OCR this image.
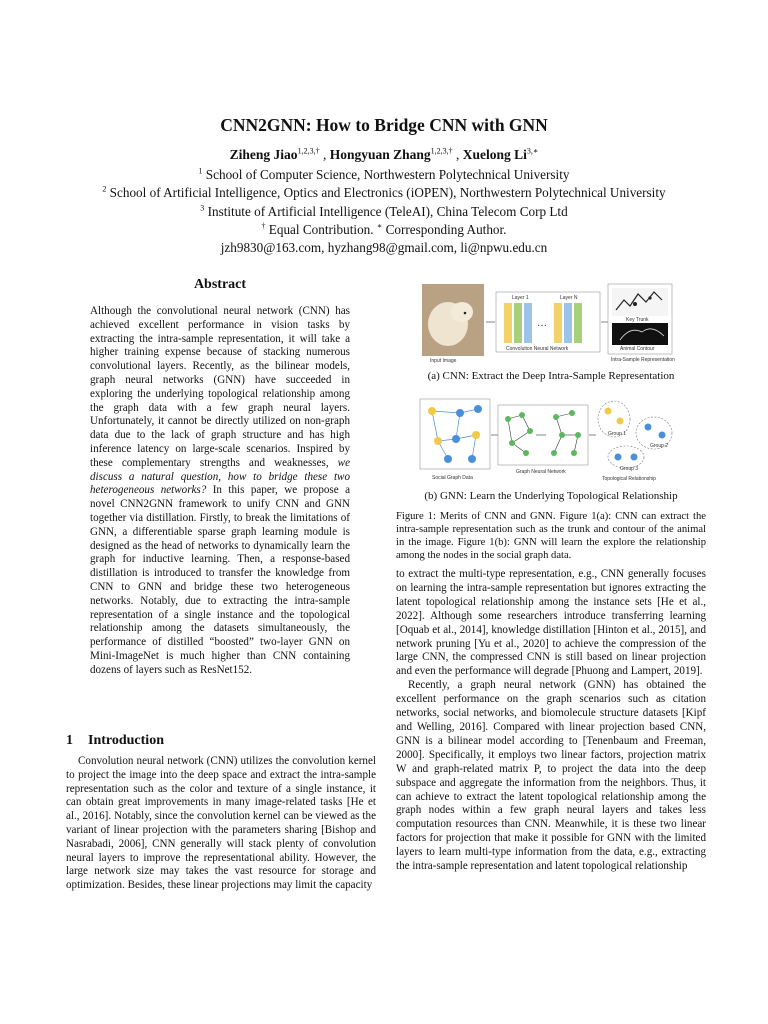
CNN2GNN: How to Bridge CNN with GNN
Ziheng Jiao$^{1,2,3,\dagger}$ , Hongyuan Zhang$^{1,2,3,\dagger}$ , Xuelong $Li^{3,∗}$
$^1$ School of Computer Science, Northwestern Polytechnical University
$^2$ School of Artificial Intelligence, Optics and Electronics (iOPEN), Northwestern Polytechnical University
$^3$ Institute of Artificial Intelligence (TeleAI), China Telecom Corp Ltd
† Equal Contribution. ∗ Corresponding Author.
jzh9830@163.com, hyzhang98@gmail.com, li@npwu.edu.cn
Abstract
Although the convolutional neural network (CNN) has achieved excellent performance in vision tasks by extracting the intra-sample representation, it will take a higher training expense because of stacking numerous convolutional layers. Recently, as the bilinear models, graph neural networks (GNN) have succeeded in exploring the underlying topological relationship among the graph data with a few graph neural layers. Unfortunately, it cannot be directly utilized on non-graph data due to the lack of graph structure and has high inference latency on large-scale scenarios. Inspired by these complementary strengths and weaknesses, we discuss a natural question, how to bridge these two heterogeneous networks? In this paper, we propose a novel CNN2GNN framework to unify CNN and GNN together via distillation. Firstly, to break the limitations of GNN, a differentiable sparse graph learning module is designed as the head of networks to dynamically learn the graph for inductive learning. Then, a response-based distillation is introduced to transfer the knowledge from CNN to GNN and bridge these two heterogeneous networks. Notably, due to extracting the intra-sample representation of a single instance and the topological relationship among the datasets simultaneously, the performance of distilled “boosted” two-layer GNN on Mini-ImageNet is much higher than CNN containing dozens of layers such as ResNet152.
1 Introduction
Convolution neural network (CNN) utilizes the convolution kernel to project the image into the deep space and extract the intra-sample representation such as the color and texture of a single instance, it can obtain great improvements in many image-related tasks [He et al., 2016]. Notably, since the convolution kernel can be viewed as the variant of linear projection with the parameters sharing [Bishop and Nasrabadi, 2006], CNN generally will stack plenty of convolution neural layers to improve the representational ability. However, the large network size may takes the vast resource for storage and optimization. Besides, these linear projections may limit the capacity
Input Image
Layer 1	Layer N
…
Convolution Neural Network
Key Trunk
Animal Contour
Intra-Sample Representation
(a) CNN: Extract the Deep Intra-Sample Representation
Social Graph Data
Graph Neural Network
Group 1
Group 2
Group 3
Topological Relationship
(b) GNN: Learn the Underlying Topological Relationship
Figure 1: Merits of CNN and GNN. Figure 1(a): CNN can extract the intra-sample representation such as the trunk and contour of the animal in the image. Figure 1(b): GNN will learn the explore the relationship among the nodes in the social graph data.

to extract the multi-type representation, e.g., CNN generally focuses on learning the intra-sample representation but ignores extracting the latent topological relationship among the instance sets [He et al., 2022]. Although some researchers introduce transferring learning [Oquab et al., 2014], knowledge distillation [Hinton et al., 2015], and network pruning [Yu et al., 2020] to achieve the compression of the large CNN, the compressed CNN is still based on linear projection and even the performance will degrade [Phuong and Lampert, 2019].

Recently, a graph neural network (GNN) has obtained the excellent performance on the graph scenarios such as citation networks, social networks, and biomolecule structure datasets [Kipf and Welling, 2016]. Compared with linear projection based CNN, GNN is a bilinear model according to [Tenenbaum and Freeman, 2000]. Specifically, it employs two linear factors, projection matrix W and graph-related matrix P, to project the data into the deep subspace and aggregate the information from the neighbors. Thus, it can achieve to extract the latent topological relationship among the graph nodes within a few graph neural layers and takes less computation resources than CNN. Meanwhile, it is these two linear factors for projection that make it possible for GNN with the limited layers to learn multi-type information from the data, e.g., extracting the intra-sample representation and latent topological relationship
